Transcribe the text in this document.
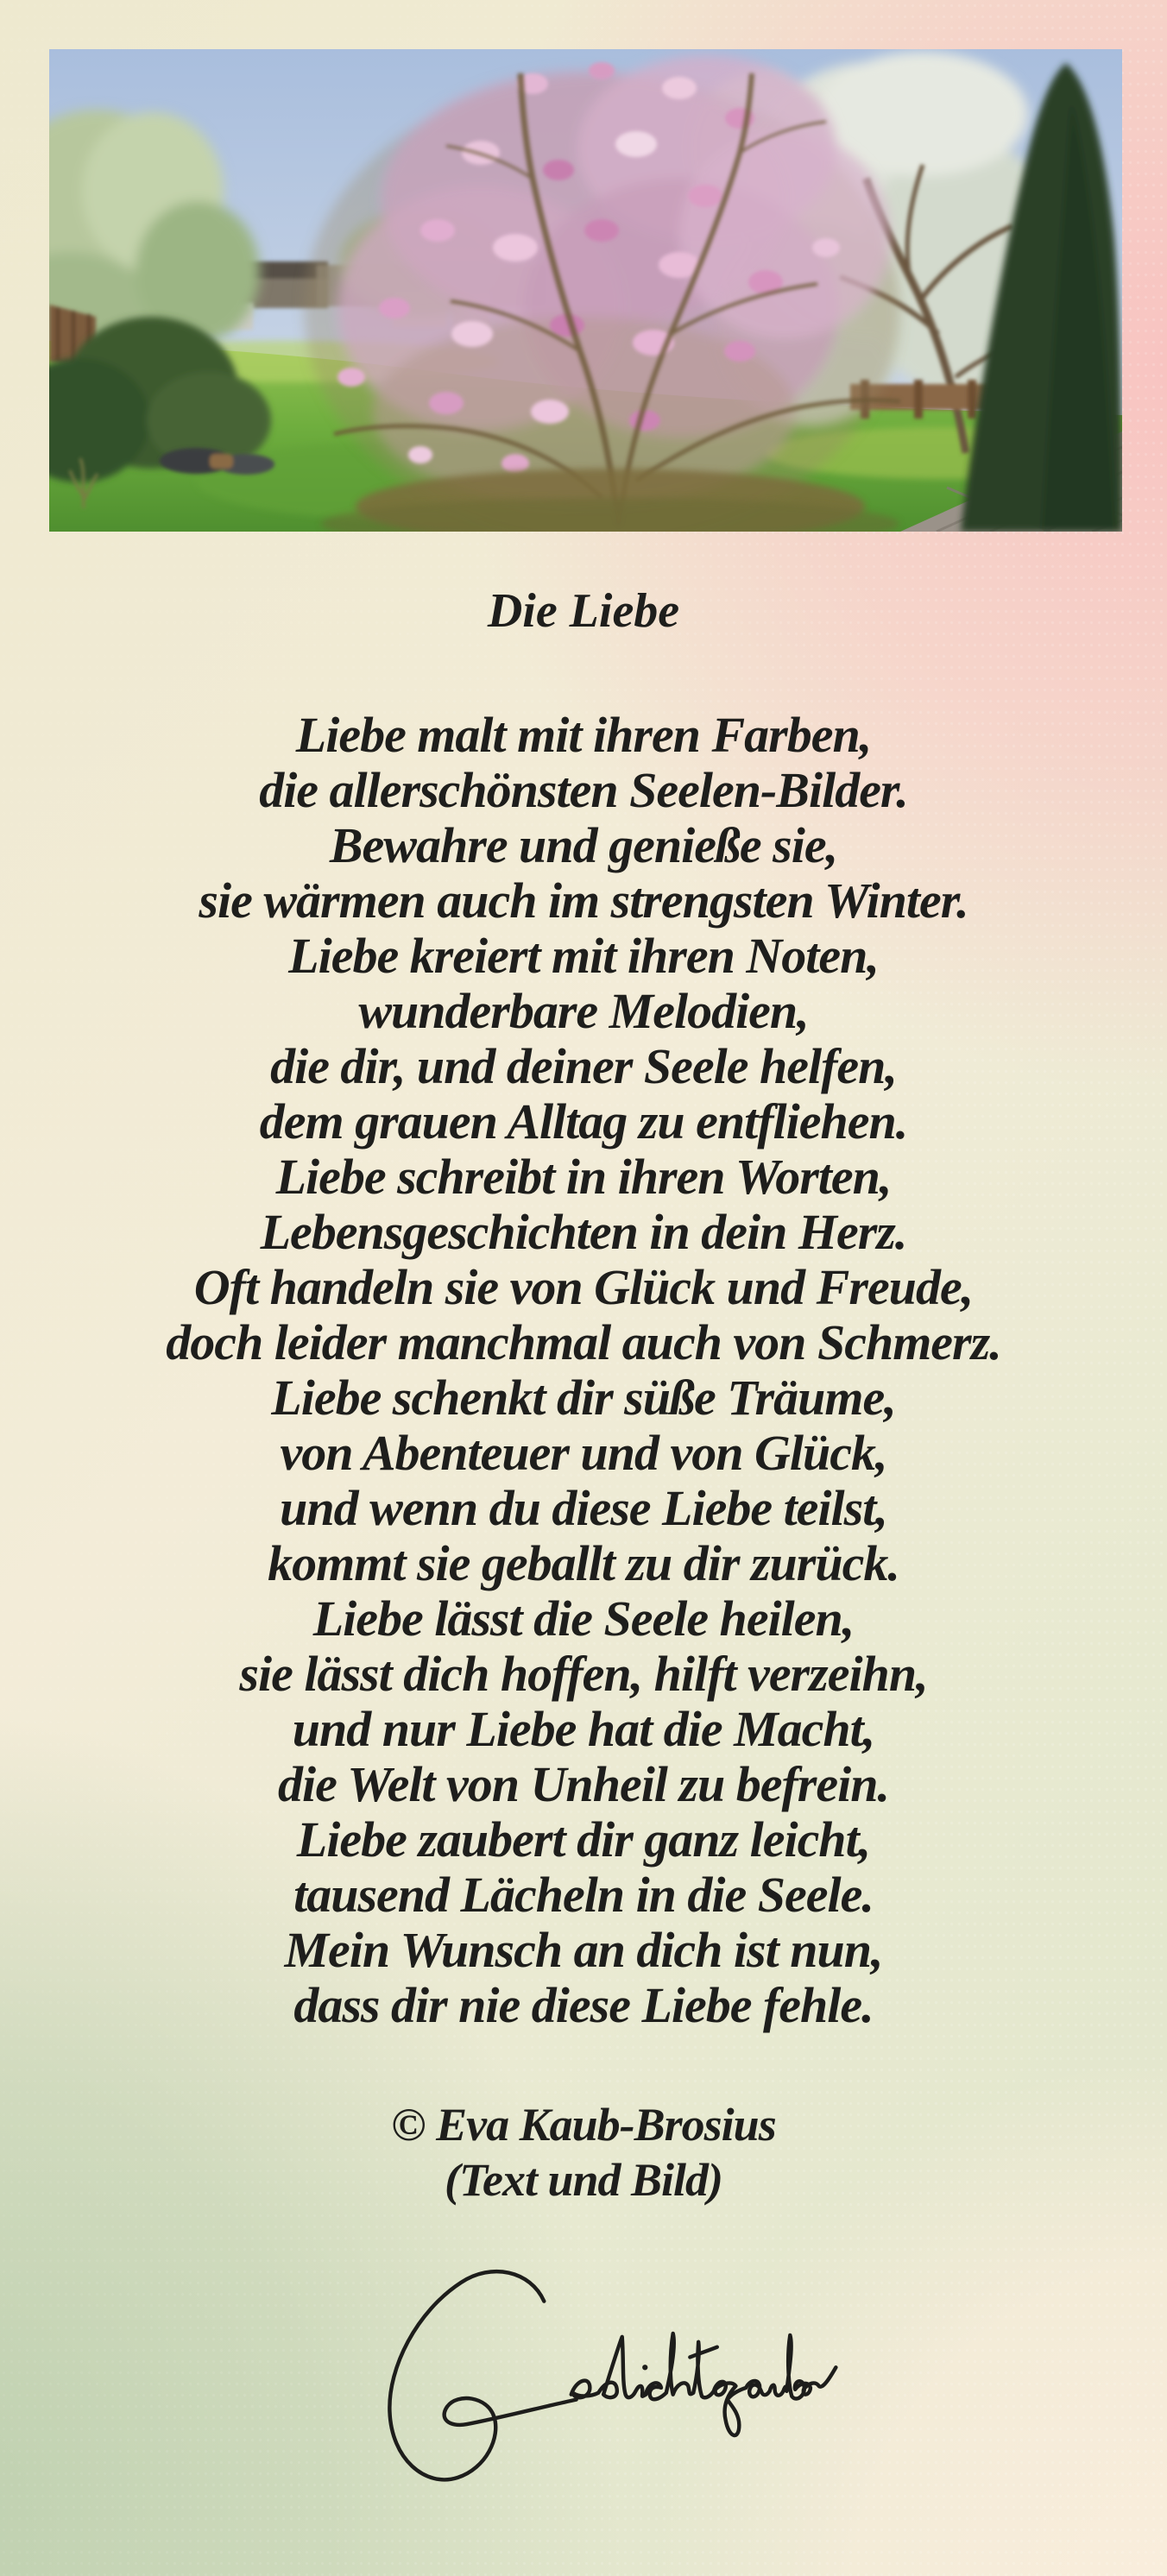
Die Liebe
Liebe malt mit ihren Farben,
die allerschönsten Seelen-Bilder.
Bewahre und genieße sie,
sie wärmen auch im strengsten Winter.
Liebe kreiert mit ihren Noten,
wunderbare Melodien,
die dir, und deiner Seele helfen,
dem grauen Alltag zu entfliehen.
Liebe schreibt in ihren Worten,
Lebensgeschichten in dein Herz.
Oft handeln sie von Glück und Freude,
doch leider manchmal auch von Schmerz.
Liebe schenkt dir süße Träume,
von Abenteuer und von Glück,
und wenn du diese Liebe teilst,
kommt sie geballt zu dir zurück.
Liebe lässt die Seele heilen,
sie lässt dich hoffen, hilft verzeihn,
und nur Liebe hat die Macht,
die Welt von Unheil zu befrein.
Liebe zaubert dir ganz leicht,
tausend Lächeln in die Seele.
Mein Wunsch an dich ist nun,
dass dir nie diese Liebe fehle.
© Eva Kaub-Brosius
(Text und Bild)
